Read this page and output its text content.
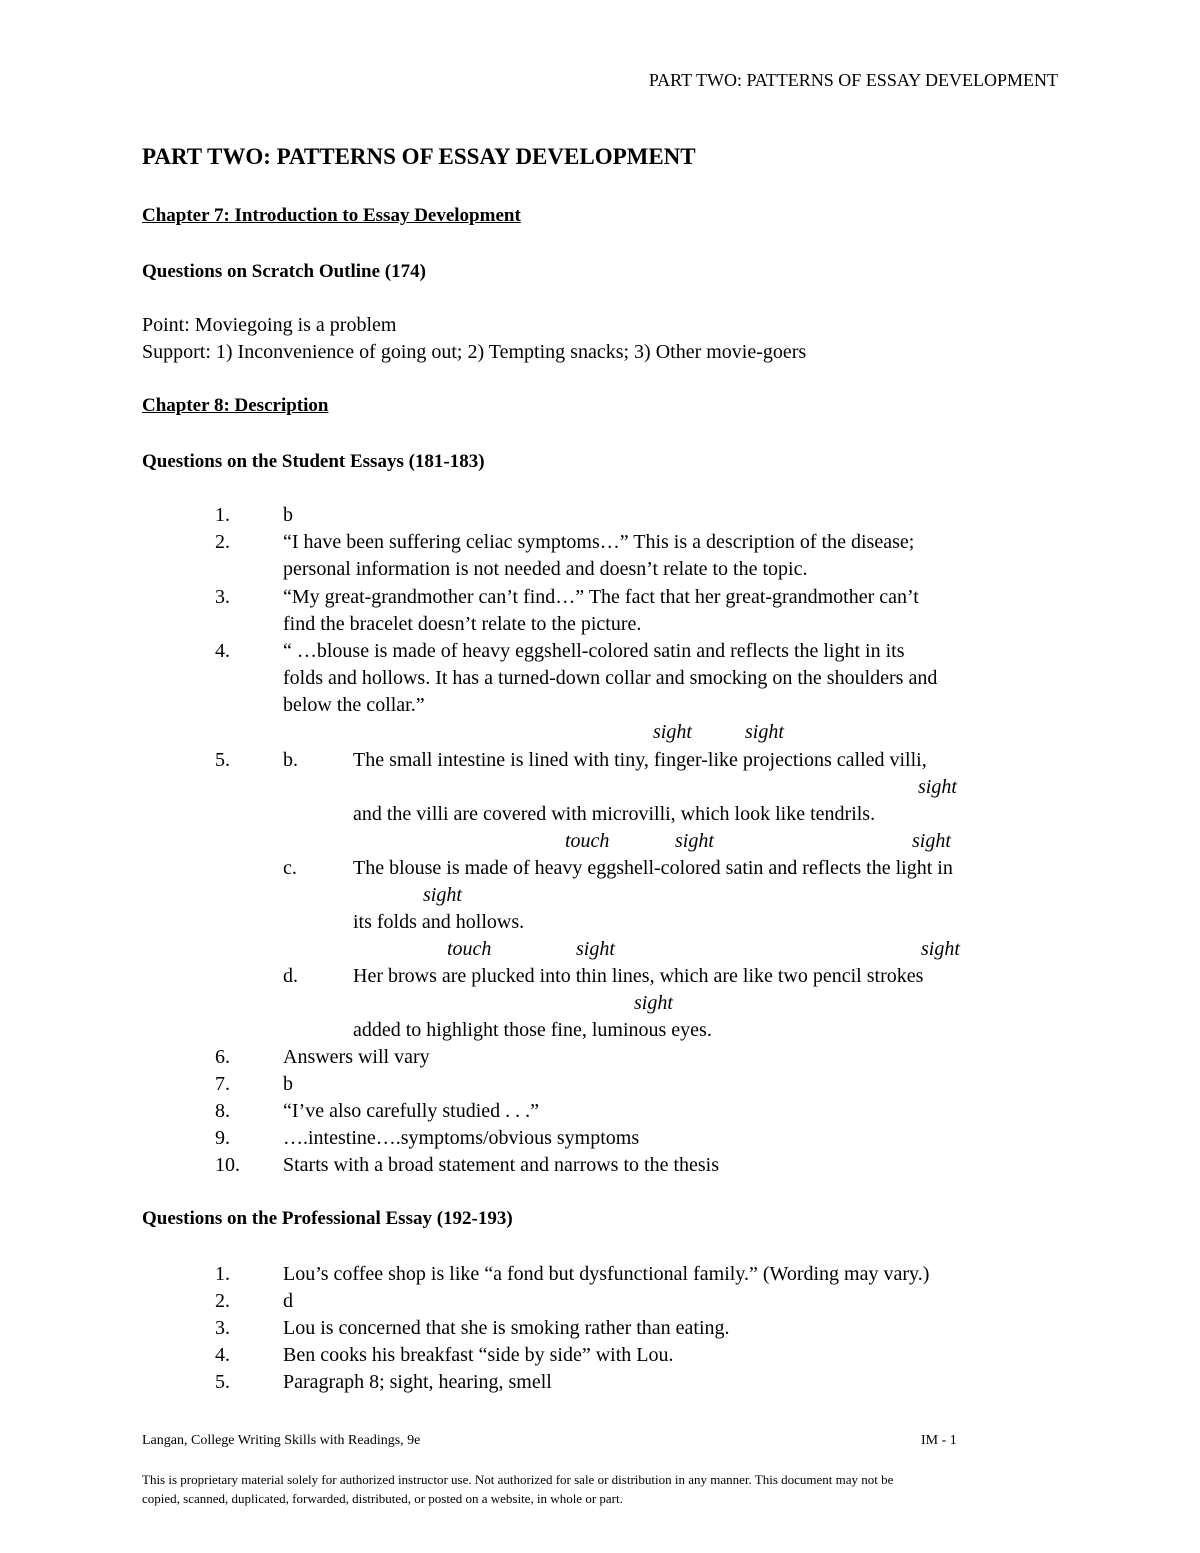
PART TWO: PATTERNS OF ESSAY DEVELOPMENT
PART TWO: PATTERNS OF ESSAY DEVELOPMENT
Chapter 7: Introduction to Essay Development
Questions on Scratch Outline (174)
Point: Moviegoing is a problem
Support: 1) Inconvenience of going out; 2) Tempting snacks; 3) Other movie-goers
Chapter 8: Description
Questions on the Student Essays (181-183)
1.	b
2.	“I have been suffering celiac symptoms…” This is a description of the disease;
personal information is not needed and doesn’t relate to the topic.
3.	“My great-grandmother can’t find…” The fact that her great-grandmother can’t
find the bracelet doesn’t relate to the picture.
4.	“ …blouse is made of heavy eggshell-colored satin and reflects the light in its
folds and hollows. It has a turned-down collar and smocking on the shoulders and
below the collar.”
sight	sight
5.	b.	The small intestine is lined with tiny, finger-like projections called villi,
sight
and the villi are covered with microvilli, which look like tendrils.
touch	sight	sight
c.	The blouse is made of heavy eggshell-colored satin and reflects the light in
sight
its folds and hollows.
touch	sight	sight
d.	Her brows are plucked into thin lines, which are like two pencil strokes
sight
added to highlight those fine, luminous eyes.
6.	Answers will vary
7.	b
8.	“I’ve also carefully studied . . .”
9.	….intestine….symptoms/obvious symptoms
10. Starts with a broad statement and narrows to the thesis
Questions on the Professional Essay (192-193)
1.	Lou’s coffee shop is like “a fond but dysfunctional family.” (Wording may vary.)
2.	d
3.	Lou is concerned that she is smoking rather than eating.
4.	Ben cooks his breakfast “side by side” with Lou.
5.	Paragraph 8; sight, hearing, smell
Langan, College Writing Skills with Readings, 9e	IM - 1
This is proprietary material solely for authorized instructor use. Not authorized for sale or distribution in any manner. This document may not be
copied, scanned, duplicated, forwarded, distributed, or posted on a website, in whole or part.
